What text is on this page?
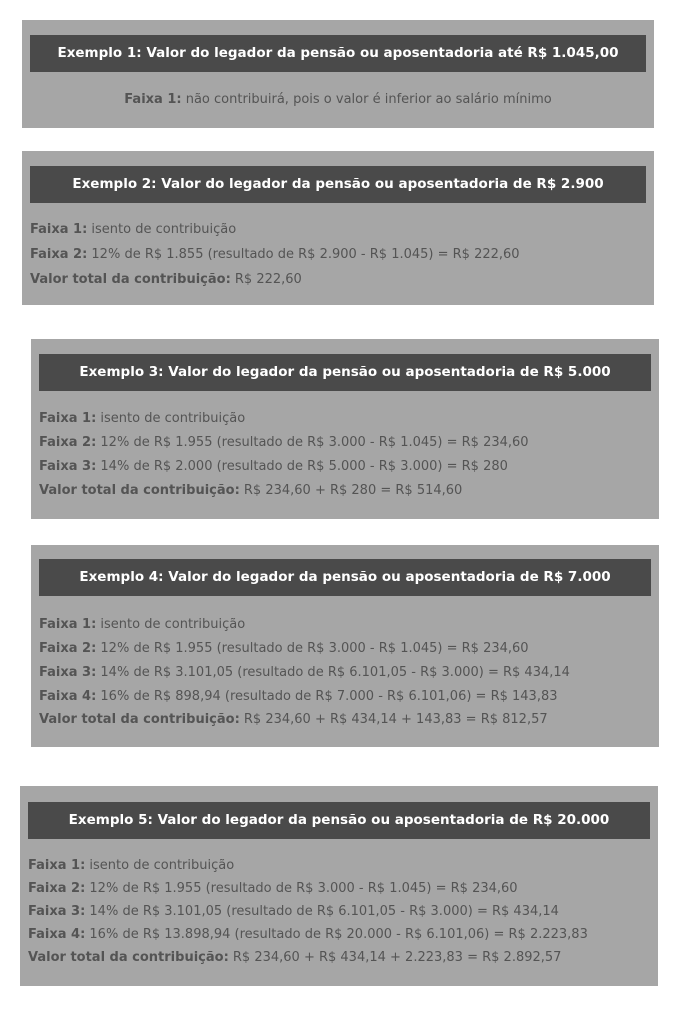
Exemplo 1: Valor do legador da pensão ou aposentadoria até R$ 1.045,00
Faixa 1: não contribuirá, pois o valor é inferior ao salário mínimo
Exemplo 2: Valor do legador da pensão ou aposentadoria de R$ 2.900
Faixa 1: isento de contribuição
Faixa 2: 12% de R$ 1.855 (resultado de R$ 2.900 - R$ 1.045) = R$ 222,60
Valor total da contribuição: R$ 222,60
Exemplo 3: Valor do legador da pensão ou aposentadoria de R$ 5.000
Faixa 1: isento de contribuição
Faixa 2: 12% de R$ 1.955 (resultado de R$ 3.000 - R$ 1.045) = R$ 234,60
Faixa 3: 14% de R$ 2.000 (resultado de R$ 5.000 - R$ 3.000) = R$ 280
Valor total da contribuição: R$ 234,60 + R$ 280 = R$ 514,60
Exemplo 4: Valor do legador da pensão ou aposentadoria de R$ 7.000
Faixa 1: isento de contribuição
Faixa 2: 12% de R$ 1.955 (resultado de R$ 3.000 - R$ 1.045) = R$ 234,60
Faixa 3: 14% de R$ 3.101,05 (resultado de R$ 6.101,05 - R$ 3.000) = R$ 434,14
Faixa 4: 16% de R$ 898,94 (resultado de R$ 7.000 - R$ 6.101,06) = R$ 143,83
Valor total da contribuição: R$ 234,60 + R$ 434,14 + 143,83 = R$ 812,57
Exemplo 5: Valor do legador da pensão ou aposentadoria de R$ 20.000
Faixa 1: isento de contribuição
Faixa 2: 12% de R$ 1.955 (resultado de R$ 3.000 - R$ 1.045) = R$ 234,60
Faixa 3: 14% de R$ 3.101,05 (resultado de R$ 6.101,05 - R$ 3.000) = R$ 434,14
Faixa 4: 16% de R$ 13.898,94 (resultado de R$ 20.000 - R$ 6.101,06) = R$ 2.223,83
Valor total da contribuição: R$ 234,60 + R$ 434,14 + 2.223,83 = R$ 2.892,57
